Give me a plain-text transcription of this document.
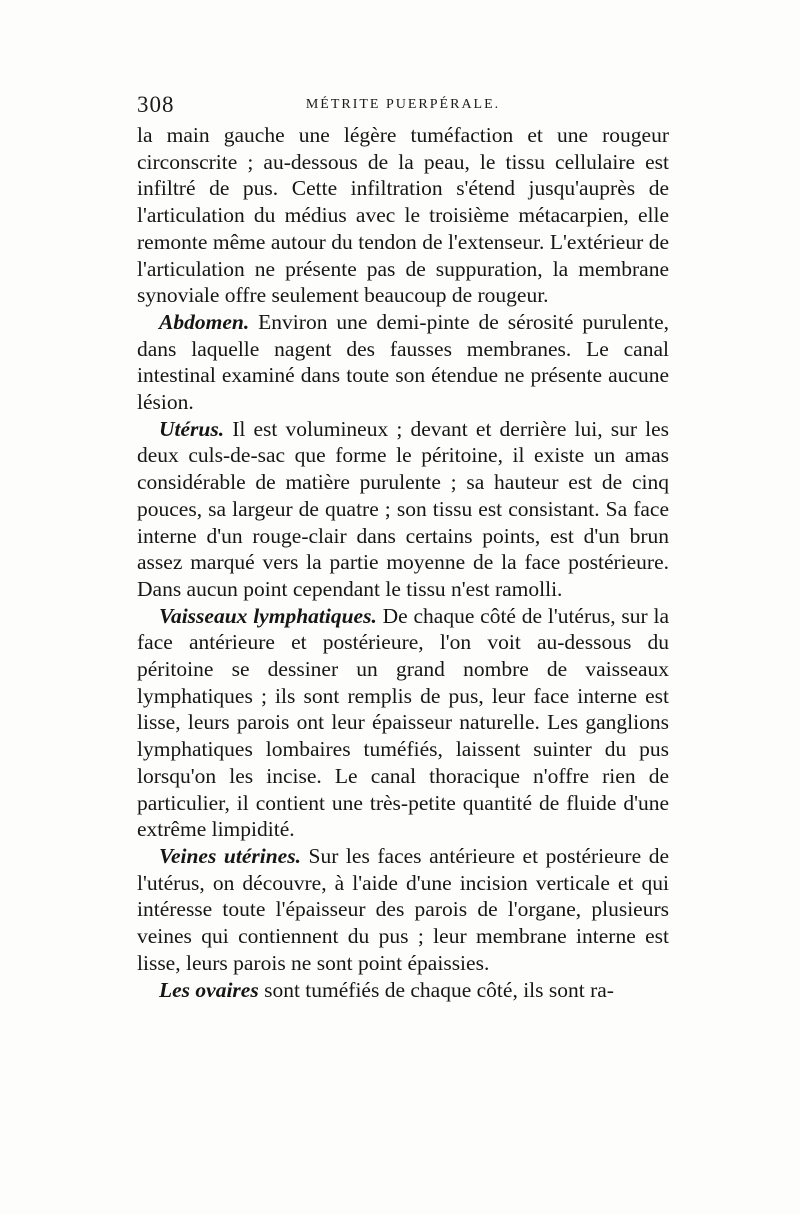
308	MÉTRITE PUERPÉRALE.

la main gauche une légère tuméfaction et une rougeur circonscrite ; au-dessous de la peau, le tissu cellulaire est infiltré de pus. Cette infiltration s'étend jusqu'auprès de l'articulation du médius avec le troisième métacarpien, elle remonte même autour du tendon de l'extenseur. L'extérieur de l'articulation ne présente pas de suppuration, la membrane synoviale offre seulement beaucoup de rougeur.

Abdomen. Environ une demi-pinte de sérosité purulente, dans laquelle nagent des fausses membranes. Le canal intestinal examiné dans toute son étendue ne présente aucune lésion.

Utérus. Il est volumineux ; devant et derrière lui, sur les deux culs-de-sac que forme le péritoine, il existe un amas considérable de matière purulente ; sa hauteur est de cinq pouces, sa largeur de quatre ; son tissu est consistant. Sa face interne d'un rouge-clair dans certains points, est d'un brun assez marqué vers la partie moyenne de la face postérieure. Dans aucun point cependant le tissu n'est ramolli.

Vaisseaux lymphatiques. De chaque côté de l'utérus, sur la face antérieure et postérieure, l'on voit au-dessous du péritoine se dessiner un grand nombre de vaisseaux lymphatiques ; ils sont remplis de pus, leur face interne est lisse, leurs parois ont leur épaisseur naturelle. Les ganglions lymphatiques lombaires tuméfiés, laissent suinter du pus lorsqu'on les incise. Le canal thoracique n'offre rien de particulier, il contient une très-petite quantité de fluide d'une extrême limpidité.

Veines utérines. Sur les faces antérieure et postérieure de l'utérus, on découvre, à l'aide d'une incision verticale et qui intéresse toute l'épaisseur des parois de l'organe, plusieurs veines qui contiennent du pus ; leur membrane interne est lisse, leurs parois ne sont point épaissies.

Les ovaires sont tuméfiés de chaque côté, ils sont ra-
